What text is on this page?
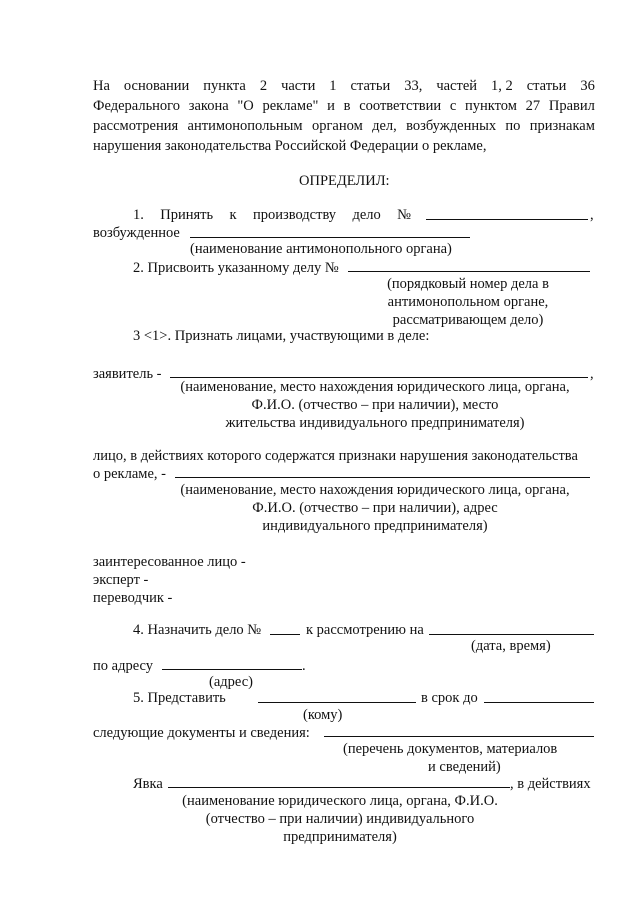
На основании пункта 2 части 1 статьи 33, частей 1, 2 статьи 36
Федерального закона "О рекламе" и в соответствии с пунктом 27 Правил
рассмотрения антимонопольным органом дел, возбужденных по признакам
нарушения законодательства Российской Федерации о рекламе,
ОПРЕДЕЛИЛ:
1. Принять к производству дело №	,
возбужденное
(наименование антимонопольного органа)
2. Присвоить указанному делу №
(порядковый номер дела в
антимонопольном органе,
рассматривающем дело)
3 <1>. Признать лицами, участвующими в деле:
заявитель -	,
(наименование, место нахождения юридического лица, органа,
Ф.И.О. (отчество – при наличии), место
жительства индивидуального предпринимателя)
лицо, в действиях которого содержатся признаки нарушения законодательства
о рекламе, -
(наименование, место нахождения юридического лица, органа,
Ф.И.О. (отчество – при наличии), адрес
индивидуального предпринимателя)
заинтересованное лицо -
эксперт -
переводчик -
4. Назначить дело №	к рассмотрению на
(дата, время)
по адресу	.
(адрес)
5. Представить	в срок до
(кому)
следующие документы и сведения:
(перечень документов, материалов
и сведений)
Явка	, в действиях
(наименование юридического лица, органа, Ф.И.О.
(отчество – при наличии) индивидуального
предпринимателя)
